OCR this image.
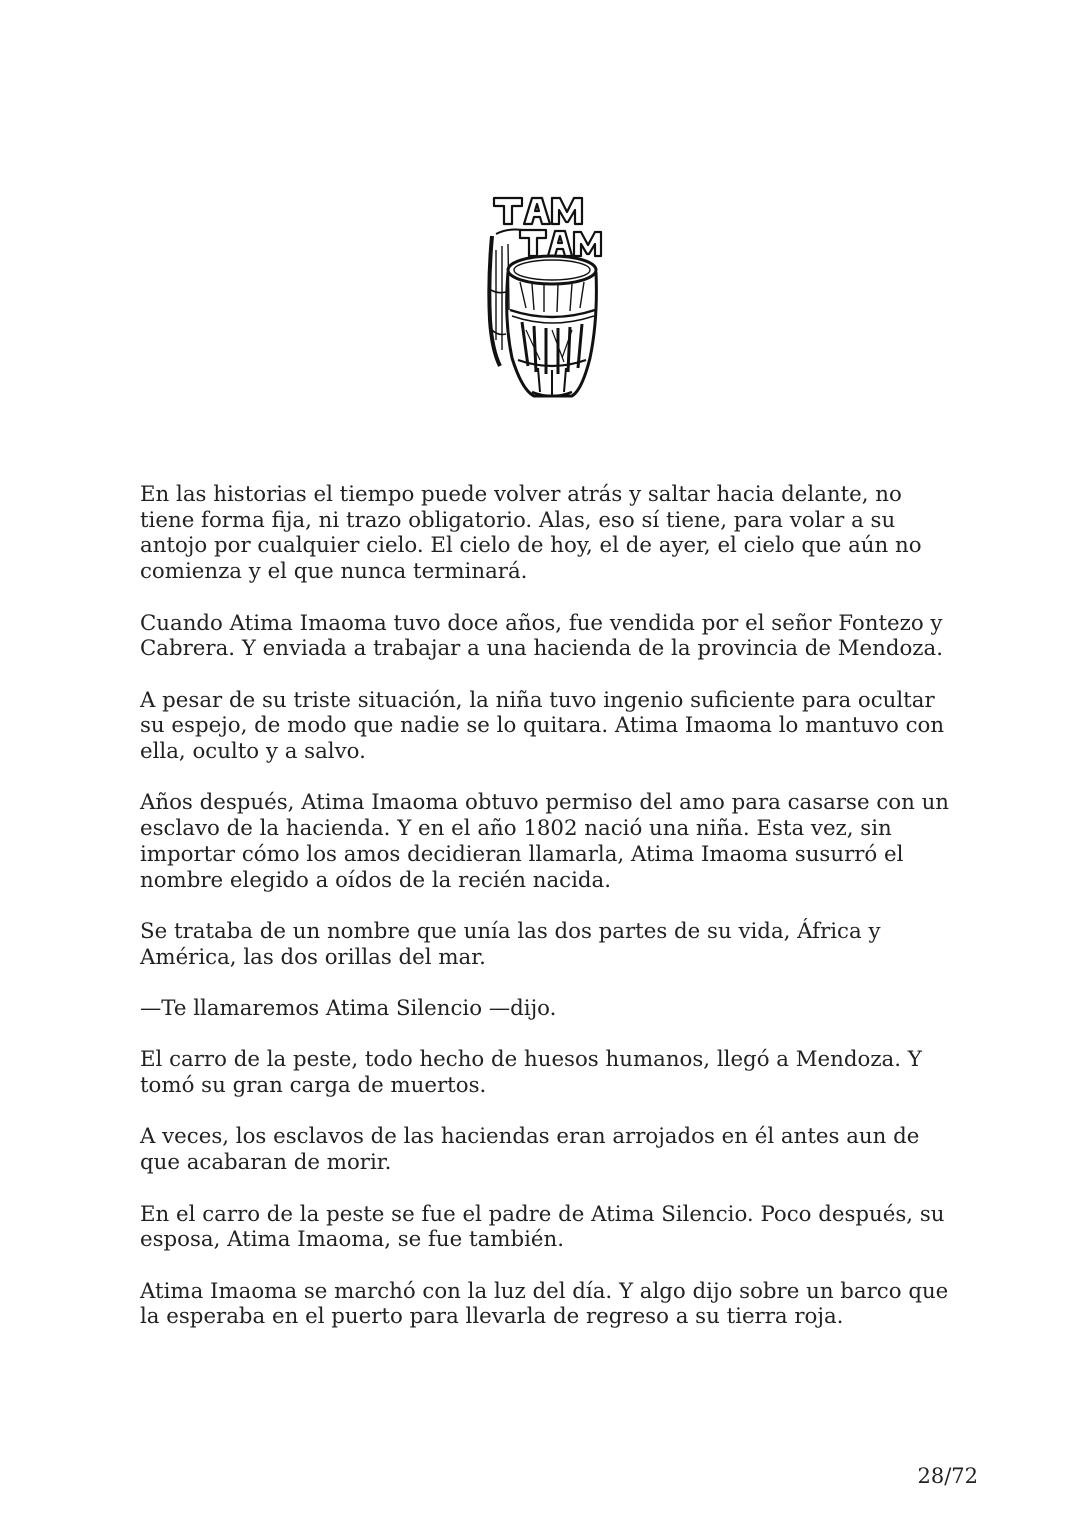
En las historias el tiempo puede volver atrás y saltar hacia delante, no tiene forma fija, ni trazo obligatorio. Alas, eso sí tiene, para volar a su antojo por cualquier cielo. El cielo de hoy, el de ayer, el cielo que aún no comienza y el que nunca terminará.

Cuando Atima Imaoma tuvo doce años, fue vendida por el señor Fontezo y Cabrera. Y enviada a trabajar a una hacienda de la provincia de Mendoza.

A pesar de su triste situación, la niña tuvo ingenio suficiente para ocultar su espejo, de modo que nadie se lo quitara. Atima Imaoma lo mantuvo con ella, oculto y a salvo.

Años después, Atima Imaoma obtuvo permiso del amo para casarse con un esclavo de la hacienda. Y en el año 1802 nació una niña. Esta vez, sin importar cómo los amos decidieran llamarla, Atima Imaoma susurró el nombre elegido a oídos de la recién nacida.

Se trataba de un nombre que unía las dos partes de su vida, África y América, las dos orillas del mar.

—Te llamaremos Atima Silencio —dijo.

El carro de la peste, todo hecho de huesos humanos, llegó a Mendoza. Y tomó su gran carga de muertos.

A veces, los esclavos de las haciendas eran arrojados en él antes aun de que acabaran de morir.

En el carro de la peste se fue el padre de Atima Silencio. Poco después, su esposa, Atima Imaoma, se fue también.

Atima Imaoma se marchó con la luz del día. Y algo dijo sobre un barco que la esperaba en el puerto para llevarla de regreso a su tierra roja.

28/72
